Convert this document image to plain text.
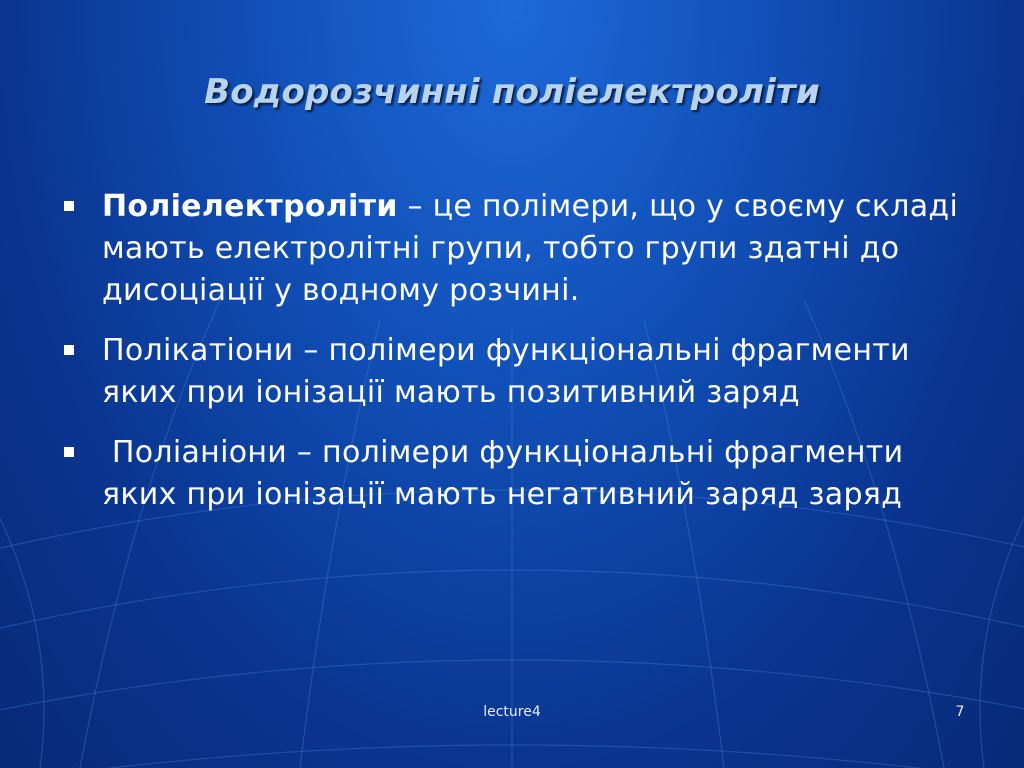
Водорозчинні поліелектроліти
Поліелектроліти – це полімери, що у своєму складі мають електролітні групи, тобто групи здатні до дисоціації у водному розчині.
Полікатіони – полімери функціональні фрагменти яких при іонізації мають позитивний заряд
Поліаніони – полімери функціональні фрагменти яких при іонізації мають негативний заряд заряд
lecture4	7
